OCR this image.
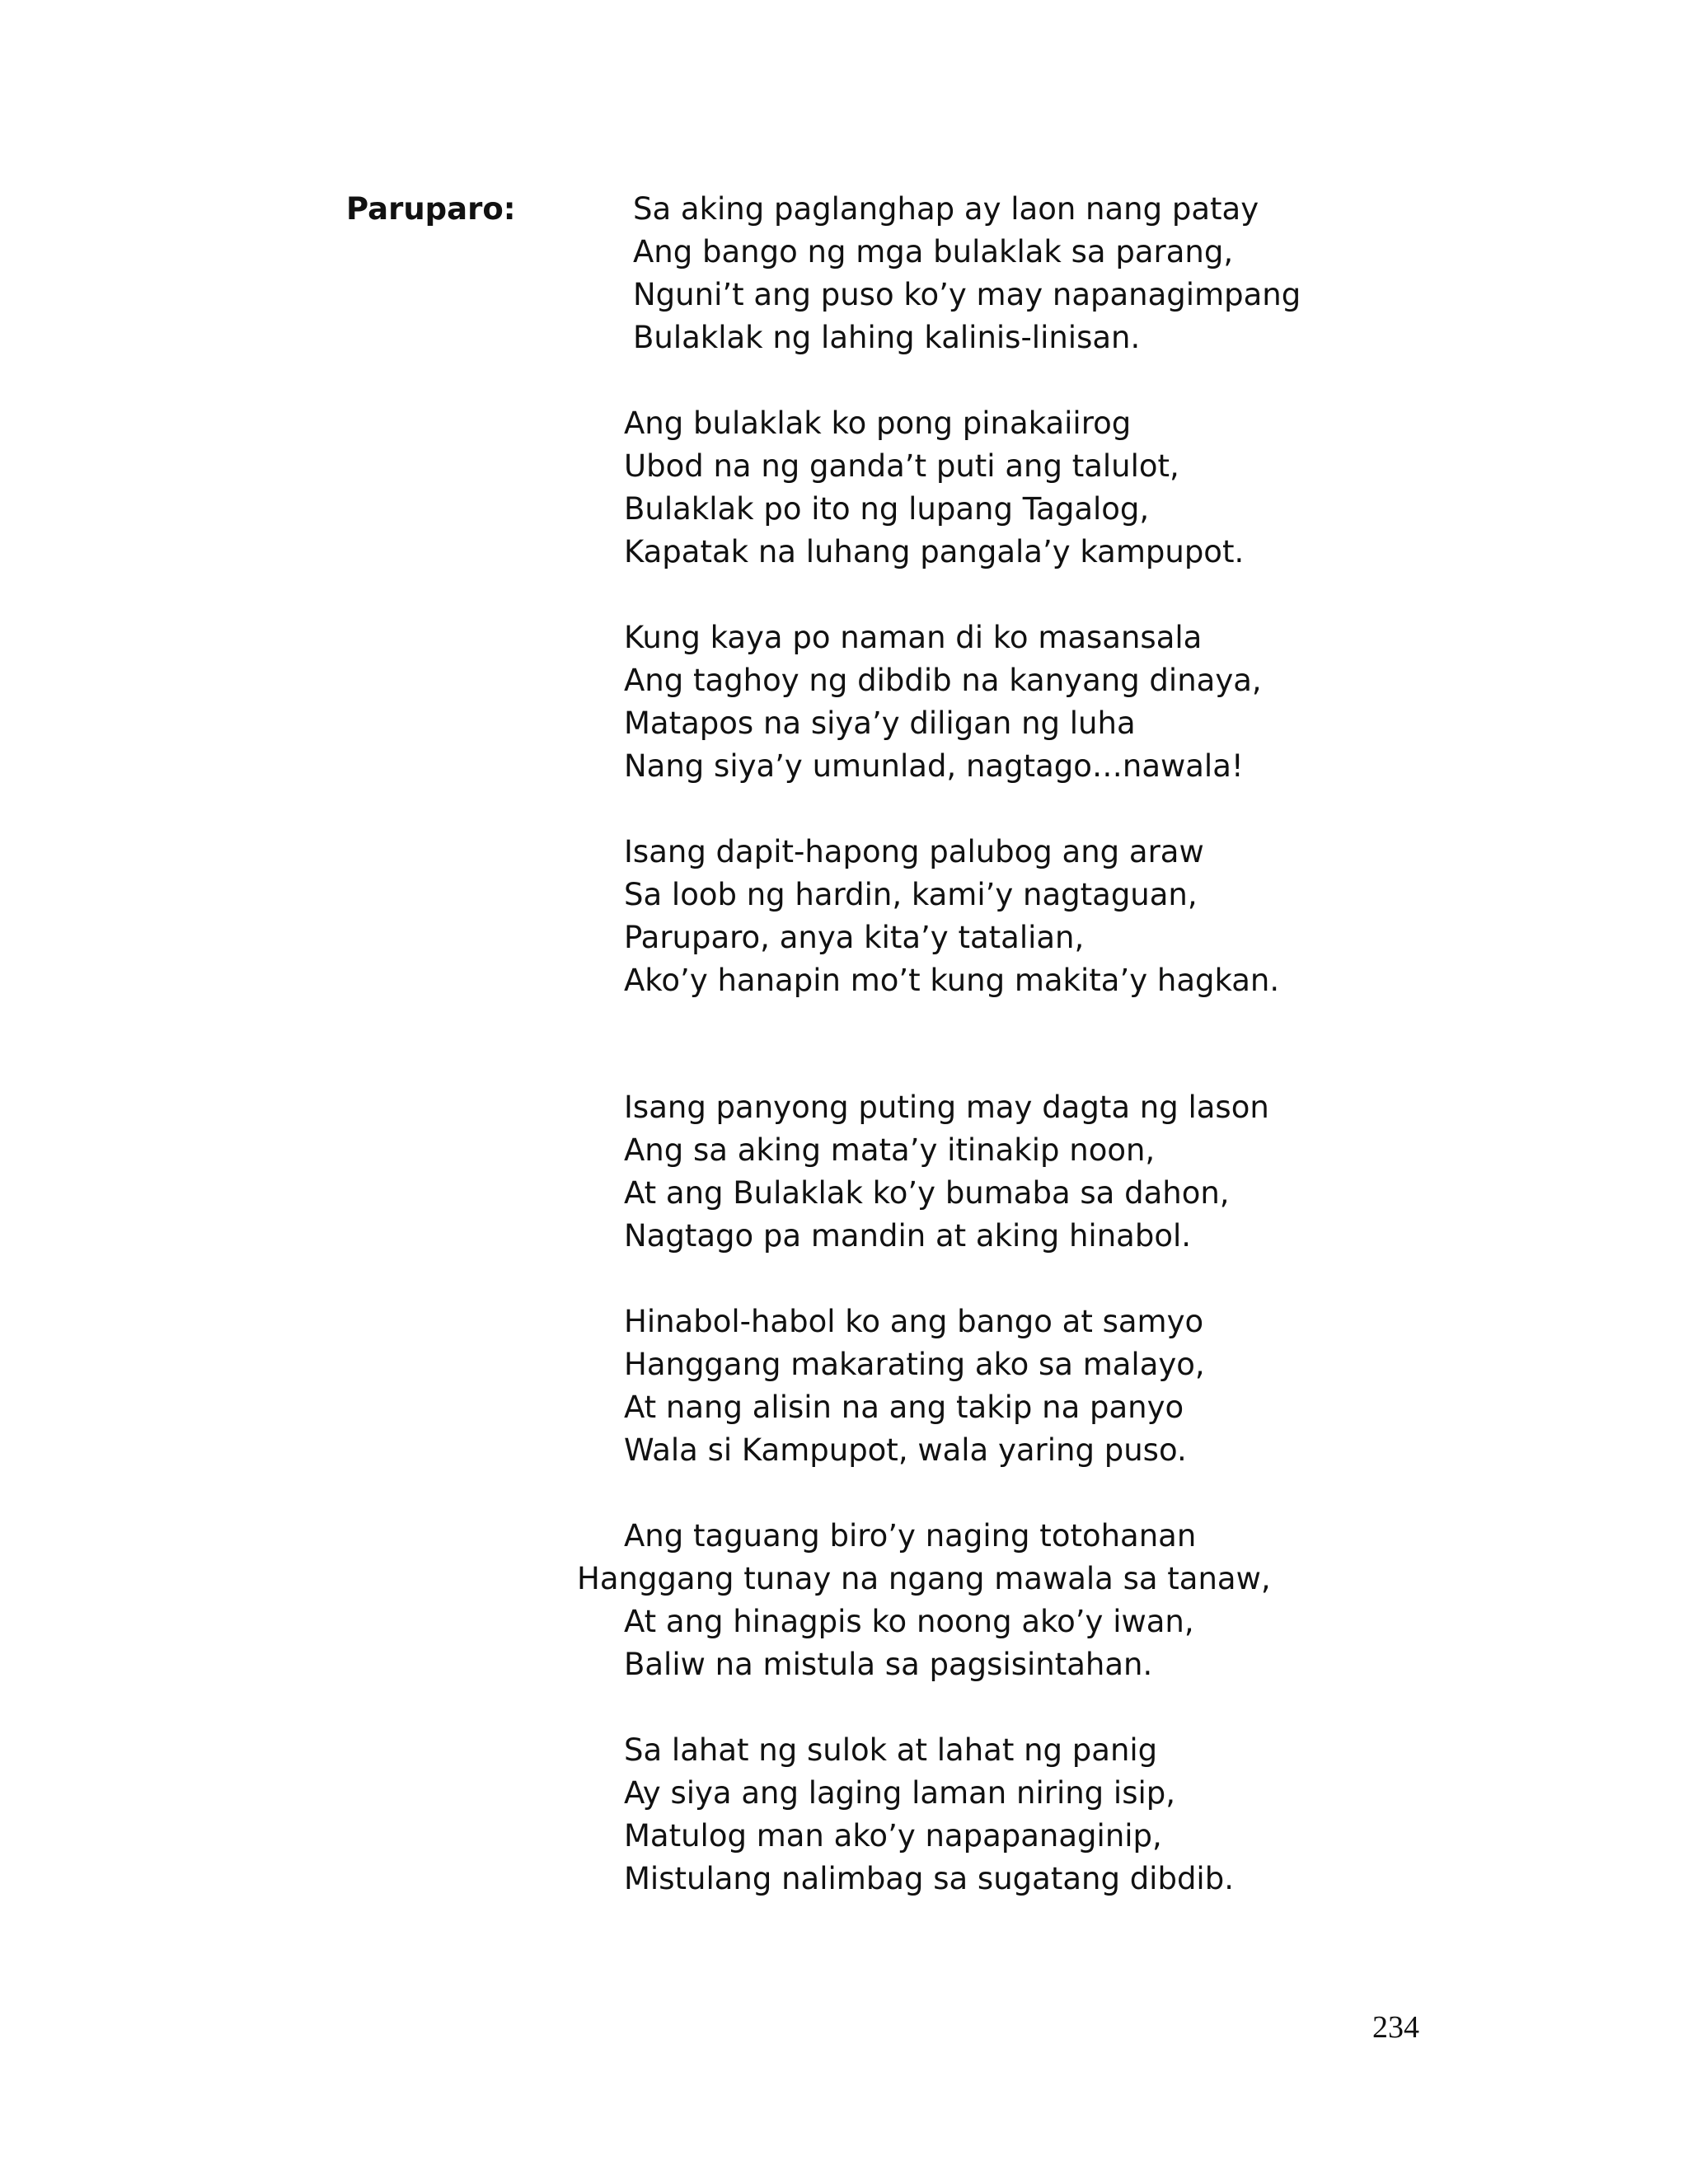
Paruparo:	Sa aking paglanghap ay laon nang patay
Ang bango ng mga bulaklak sa parang,
Nguni’t ang puso ko’y may napanagimpang
Bulaklak ng lahing kalinis-linisan.
Ang bulaklak ko pong pinakaiirog
Ubod na ng ganda’t puti ang talulot,
Bulaklak po ito ng lupang Tagalog,
Kapatak na luhang pangala’y kampupot.
Kung kaya po naman di ko masansala
Ang taghoy ng dibdib na kanyang dinaya,
Matapos na siya’y diligan ng luha
Nang siya’y umunlad, nagtago…nawala!
Isang dapit-hapong palubog ang araw
Sa loob ng hardin, kami’y nagtaguan,
Paruparo, anya kita’y tatalian,
Ako’y hanapin mo’t kung makita’y hagkan.
Isang panyong puting may dagta ng lason
Ang sa aking mata’y itinakip noon,
At ang Bulaklak ko’y bumaba sa dahon,
Nagtago pa mandin at aking hinabol.
Hinabol-habol ko ang bango at samyo
Hanggang makarating ako sa malayo,
At nang alisin na ang takip na panyo
Wala si Kampupot, wala yaring puso.
Ang taguang biro’y naging totohanan
Hanggang tunay na ngang mawala sa tanaw,
At ang hinagpis ko noong ako’y iwan,
Baliw na mistula sa pagsisintahan.
Sa lahat ng sulok at lahat ng panig
Ay siya ang laging laman niring isip,
Matulog man ako’y napapanaginip,
Mistulang nalimbag sa sugatang dibdib.
234
